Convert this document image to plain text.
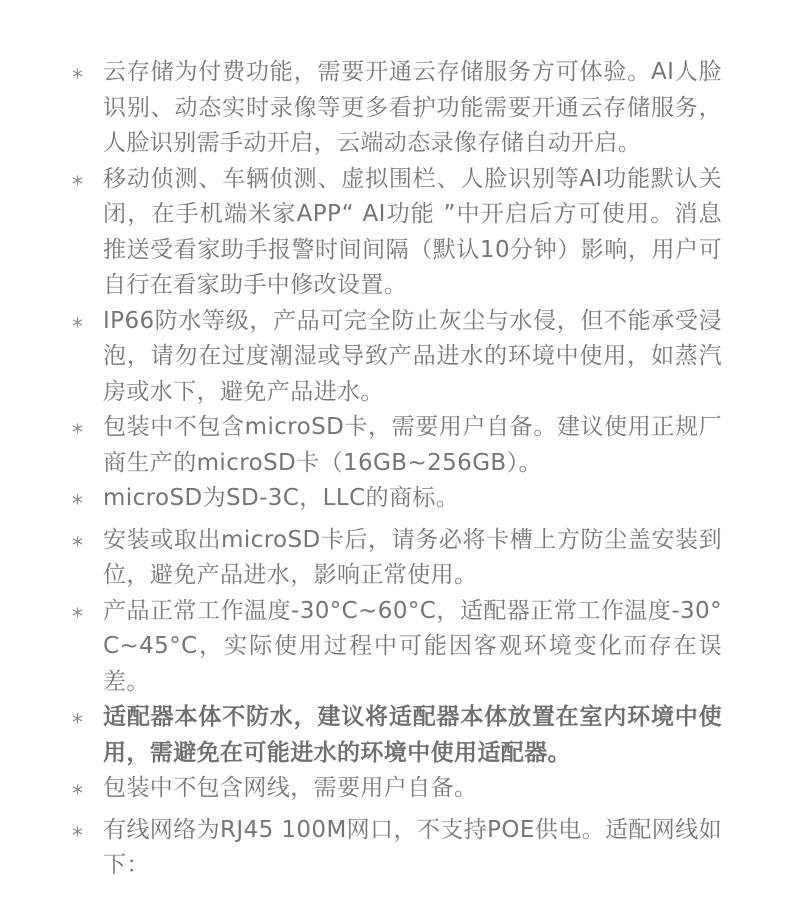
* 云存储为付费功能，需要开通云存储服务方可体验。AI人脸识别、动态实时录像等更多看护功能需要开通云存储服务，人脸识别需手动开启，云端动态录像存储自动开启。
* 移动侦测、车辆侦测、虚拟围栏、人脸识别等AI功能默认关闭，在手机端米家APP“ AI功能 ”中开启后方可使用。消息推送受看家助手报警时间间隔（默认10分钟）影响，用户可自行在看家助手中修改设置。
* IP66防水等级，产品可完全防止灰尘与水侵，但不能承受浸泡，请勿在过度潮湿或导致产品进水的环境中使用，如蒸汽房或水下，避免产品进水。
* 包装中不包含microSD卡，需要用户自备。建议使用正规厂商生产的microSD卡（16GB~256GB）。
* microSD为SD-3C，LLC的商标。
* 安装或取出microSD卡后，请务必将卡槽上方防尘盖安装到位，避免产品进水，影响正常使用。
* 产品正常工作温度-30°C~60°C，适配器正常工作温度-30°C~45°C，实际使用过程中可能因客观环境变化而存在误差。
* 适配器本体不防水，建议将适配器本体放置在室内环境中使用，需避免在可能进水的环境中使用适配器。
* 包装中不包含网线，需要用户自备。
* 有线网络为RJ45 100M网口，不支持POE供电。适配网线如下：
